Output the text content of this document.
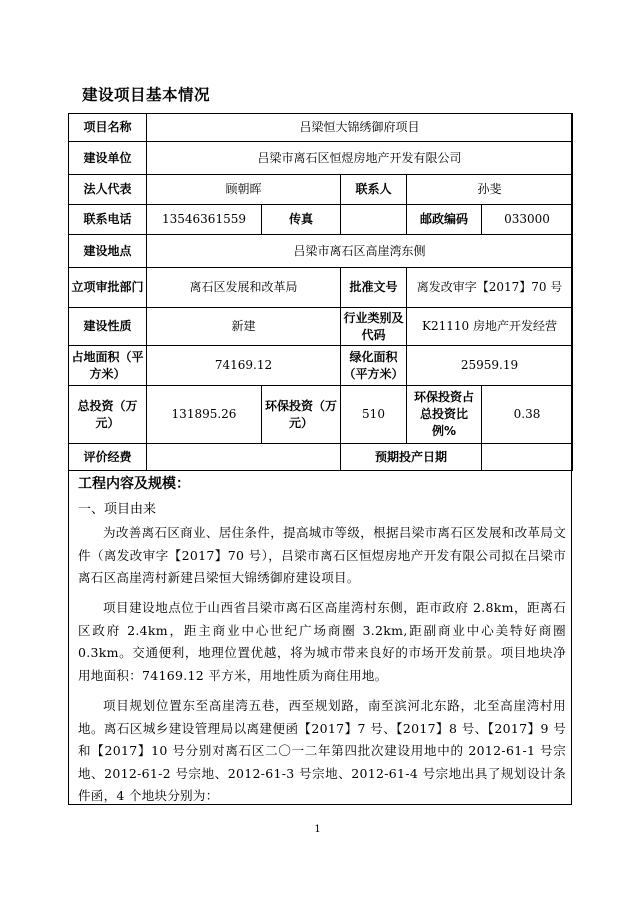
建设项目基本情况
项目名称	吕梁恒大锦绣御府项目				
建设单位	吕梁市离石区恒煜房地产开发有限公司				
法人代表	顾朝晖		联系人	孙斐	
联系电话	13546361559	传真		邮政编码	033000
建设地点	吕梁市离石区高崖湾东侧				
立项审批部门	离石区发展和改革局		批准文号	离发改审字【2017】70 号	
建设性质	新建		行业类别及代码	K21110 房地产开发经营	
占地面积（平方米）	74169.12		绿化面积（平方米）	25959.19	
总投资（万元）	131895.26	环保投资（万元）	510	环保投资占总投资比例%	0.38
评价经费			预期投产日期		
工程内容及规模：
一、项目由来
为改善离石区商业、居住条件，提高城市等级，根据吕梁市离石区发展和改革局文件（离发改审字【2017】70 号），吕梁市离石区恒煜房地产开发有限公司拟在吕梁市离石区高崖湾村新建吕梁恒大锦绣御府建设项目。
项目建设地点位于山西省吕梁市离石区高崖湾村东侧，距市政府 2.8km，距离石区政府 2.4km，距主商业中心世纪广场商圈 3.2km,距副商业中心美特好商圈 0.3km。交通便利，地理位置优越，将为城市带来良好的市场开发前景。项目地块净用地面积：74169.12 平方米，用地性质为商住用地。
项目规划位置东至高崖湾五巷，西至规划路，南至滨河北东路，北至高崖湾村用地。离石区城乡建设管理局以离建便函【2017】7 号、【2017】8 号、【2017】9 号和【2017】10 号分别对离石区二〇一二年第四批次建设用地中的 2012-61-1 号宗地、2012-61-2 号宗地、2012-61-3 号宗地、2012-61-4 号宗地出具了规划设计条件函，4 个地块分别为：
1
